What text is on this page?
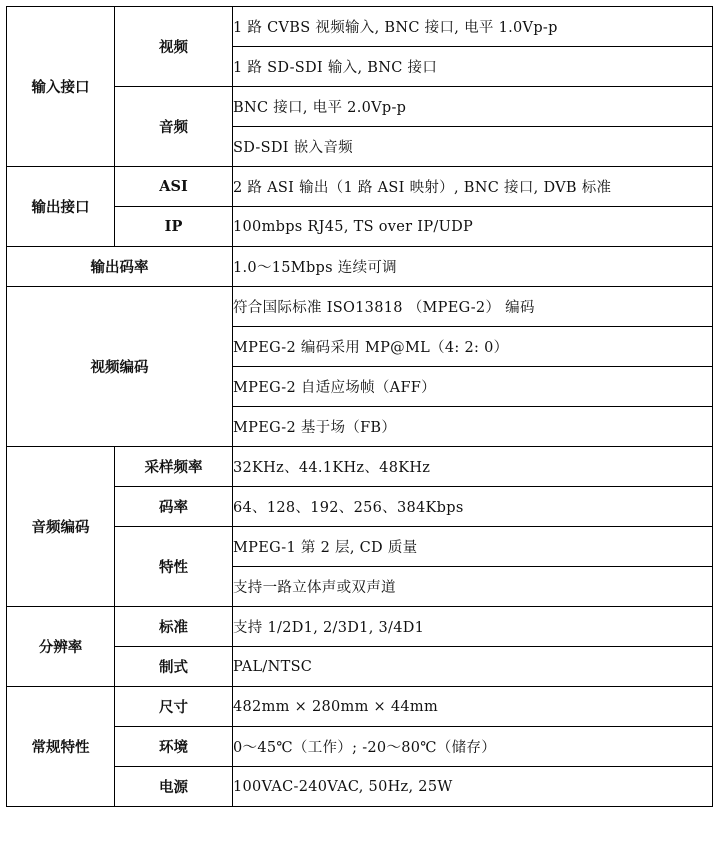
输入接口	视频	1 路 CVBS 视频输入, BNC 接口, 电平 1.0Vp-p
		1 路 SD-SDI 输入, BNC 接口
	音频	BNC 接口, 电平 2.0Vp-p
		SD-SDI 嵌入音频
输出接口	ASI	2 路 ASI 输出（1 路 ASI 映射）, BNC 接口, DVB 标准
	IP	100mbps RJ45, TS over IP/UDP
输出码率		1.0～15Mbps 连续可调
视频编码		符合国际标准 ISO13818 （MPEG-2） 编码
		MPEG-2 编码采用 MP@ML（4: 2: 0）
		MPEG-2 自适应场帧（AFF）
		MPEG-2 基于场（FB）
音频编码	采样频率	32KHz、44.1KHz、48KHz
	码率	64、128、192、256、384Kbps
	特性	MPEG-1 第 2 层, CD 质量
		支持一路立体声或双声道
分辨率	标准	支持 1/2D1, 2/3D1, 3/4D1
	制式	PAL/NTSC
常规特性	尺寸	482mm × 280mm × 44mm
	环境	0～45℃（工作）; -20～80℃（储存）
	电源	100VAC-240VAC, 50Hz, 25W
